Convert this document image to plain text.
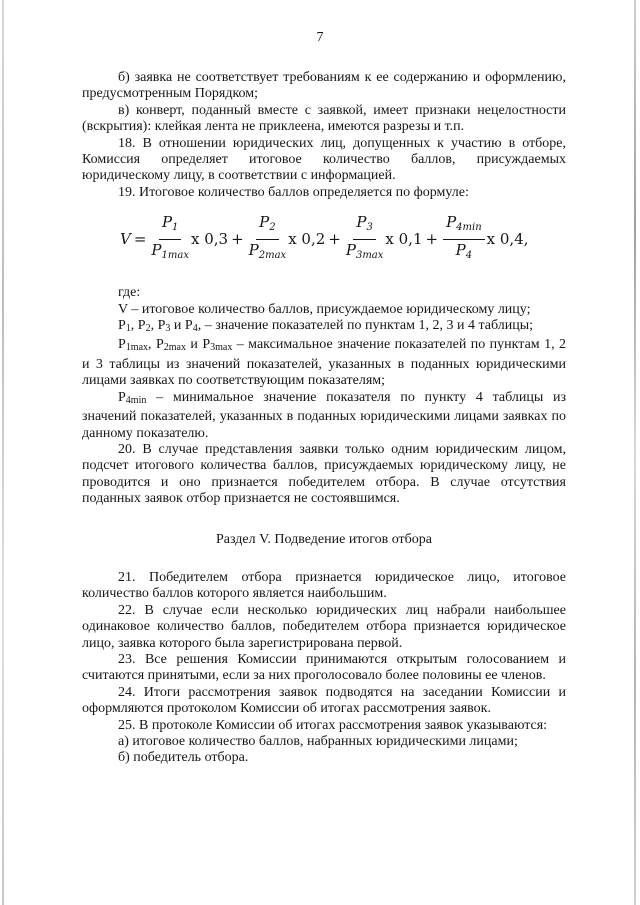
7

б) заявка не соответствует требованиям к ее содержанию и оформлению, предусмотренным Порядком;

в) конверт, поданный вместе с заявкой, имеет признаки нецелостности (вскрытия): клейкая лента не приклеена, имеются разрезы и т.п.

18. В отношении юридических лиц, допущенных к участию в отборе, Комиссия определяет итоговое количество баллов, присуждаемых юридическому лицу, в соответствии с информацией.

19. Итоговое количество баллов определяется по формуле:

$V = \frac{P_1}{P_{1max}}$ х $0,3 + \frac{P_2}{P_{2max}}$ х $0,2 + \frac{P_3}{P_{3max}}$ х $0,1 + \frac{P_{4min}}{P_4}$ х 0,4,

где:

V – итоговое количество баллов, присуждаемое юридическому лицу;

P1, P2, P3 и P4, – значение показателей по пунктам 1, 2, 3 и 4 таблицы;

P1max, P2max и P3max – максимальное значение показателей по пунктам 1, 2 и 3 таблицы из значений показателей, указанных в поданных юридическими лицами заявках по соответствующим показателям;

P4min – минимальное значение показателя по пункту 4 таблицы из значений показателей, указанных в поданных юридическими лицами заявках по данному показателю.

20. В случае представления заявки только одним юридическим лицом, подсчет итогового количества баллов, присуждаемых юридическому лицу, не проводится и оно признается победителем отбора. В случае отсутствия поданных заявок отбор признается не состоявшимся.

Раздел V. Подведение итогов отбора

21. Победителем отбора признается юридическое лицо, итоговое количество баллов которого является наибольшим.

22. В случае если несколько юридических лиц набрали наибольшее одинаковое количество баллов, победителем отбора признается юридическое лицо, заявка которого была зарегистрирована первой.

23. Все решения Комиссии принимаются открытым голосованием и считаются принятыми, если за них проголосовало более половины ее членов.

24. Итоги рассмотрения заявок подводятся на заседании Комиссии и оформляются протоколом Комиссии об итогах рассмотрения заявок.

25. В протоколе Комиссии об итогах рассмотрения заявок указываются:

а) итоговое количество баллов, набранных юридическими лицами;

б) победитель отбора.
